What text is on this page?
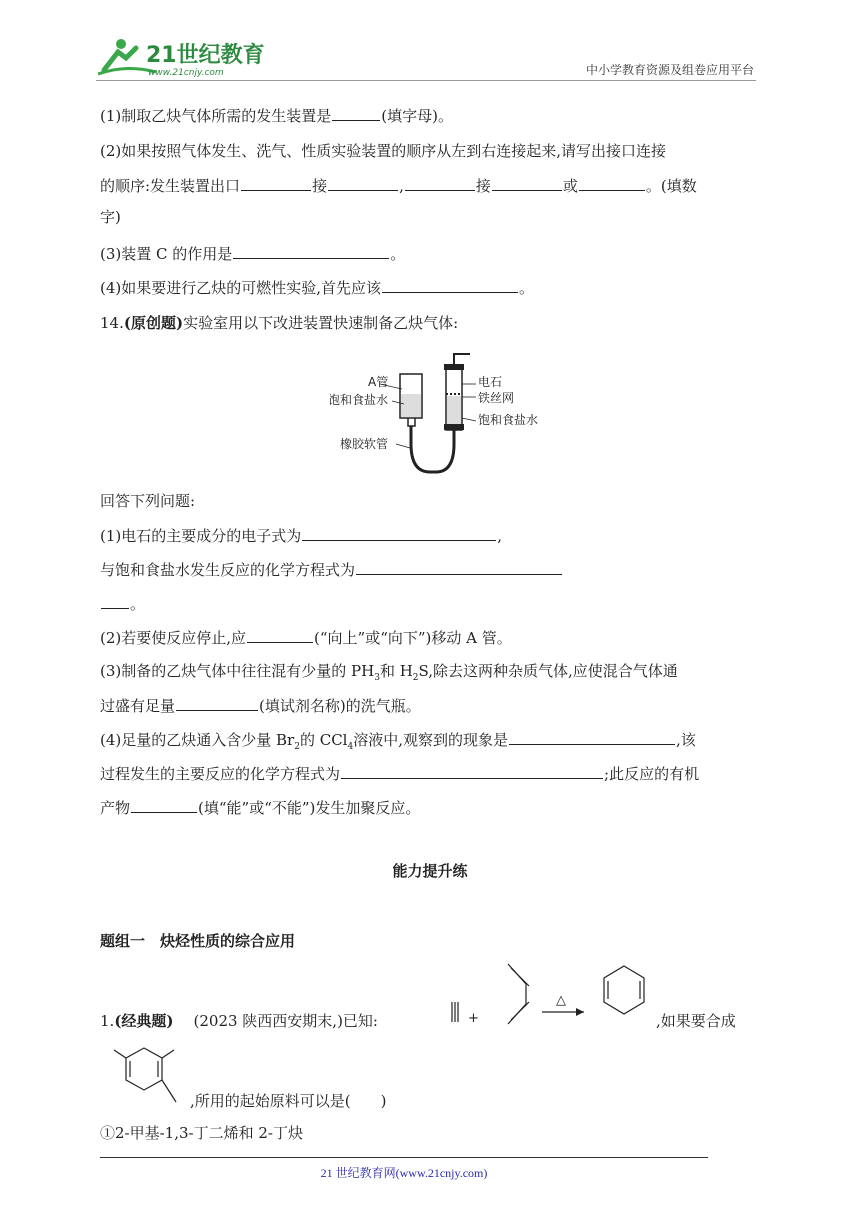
21世纪教育
www.21cnjy.com	中小学教育资源及组卷应用平台
(1)制取乙炔气体所需的发生装置是	(填字母)。
(2)如果按照气体发生、洗气、性质实验装置的顺序从左到右连接起来,请写出接口连接
的顺序:发生装置出口	接	,	接	或	。(填数
字)
(3)装置 C 的作用是	。
(4)如果要进行乙炔的可燃性实验,首先应该	。
14.(原创题)实验室用以下改进装置快速制备乙炔气体:
A管
饱和食盐水
橡胶软管
电石
铁丝网
饱和食盐水
回答下列问题:
(1)电石的主要成分的电子式为	,
与饱和食盐水发生反应的化学方程式为
。
(2)若要使反应停止,应	(“向上”或“向下”)移动 A 管。
(3)制备的乙炔气体中往往混有少量的 $PH_3$和 $H_2S$,除去这两种杂质气体,应使混合气体通
过盛有足量	(填试剂名称)的洗气瓶。
(4)足量的乙炔通入含少量 $Br_2$的 CCl$_4$溶液中,观察到的现象是	,该
过程发生的主要反应的化学方程式为	;此反应的有机
产物	(填“能”或“不能”)发生加聚反应。
能力提升练
题组一　炔烃性质的综合应用
1.(经典题) (2023 陕西西安期末,)已知:	+
△
,如果要合成
,所用的起始原料可以是(　　)
①2-甲基-1,3-丁二烯和 2-丁炔
21 世纪教育网(www.21cnjy.com)
